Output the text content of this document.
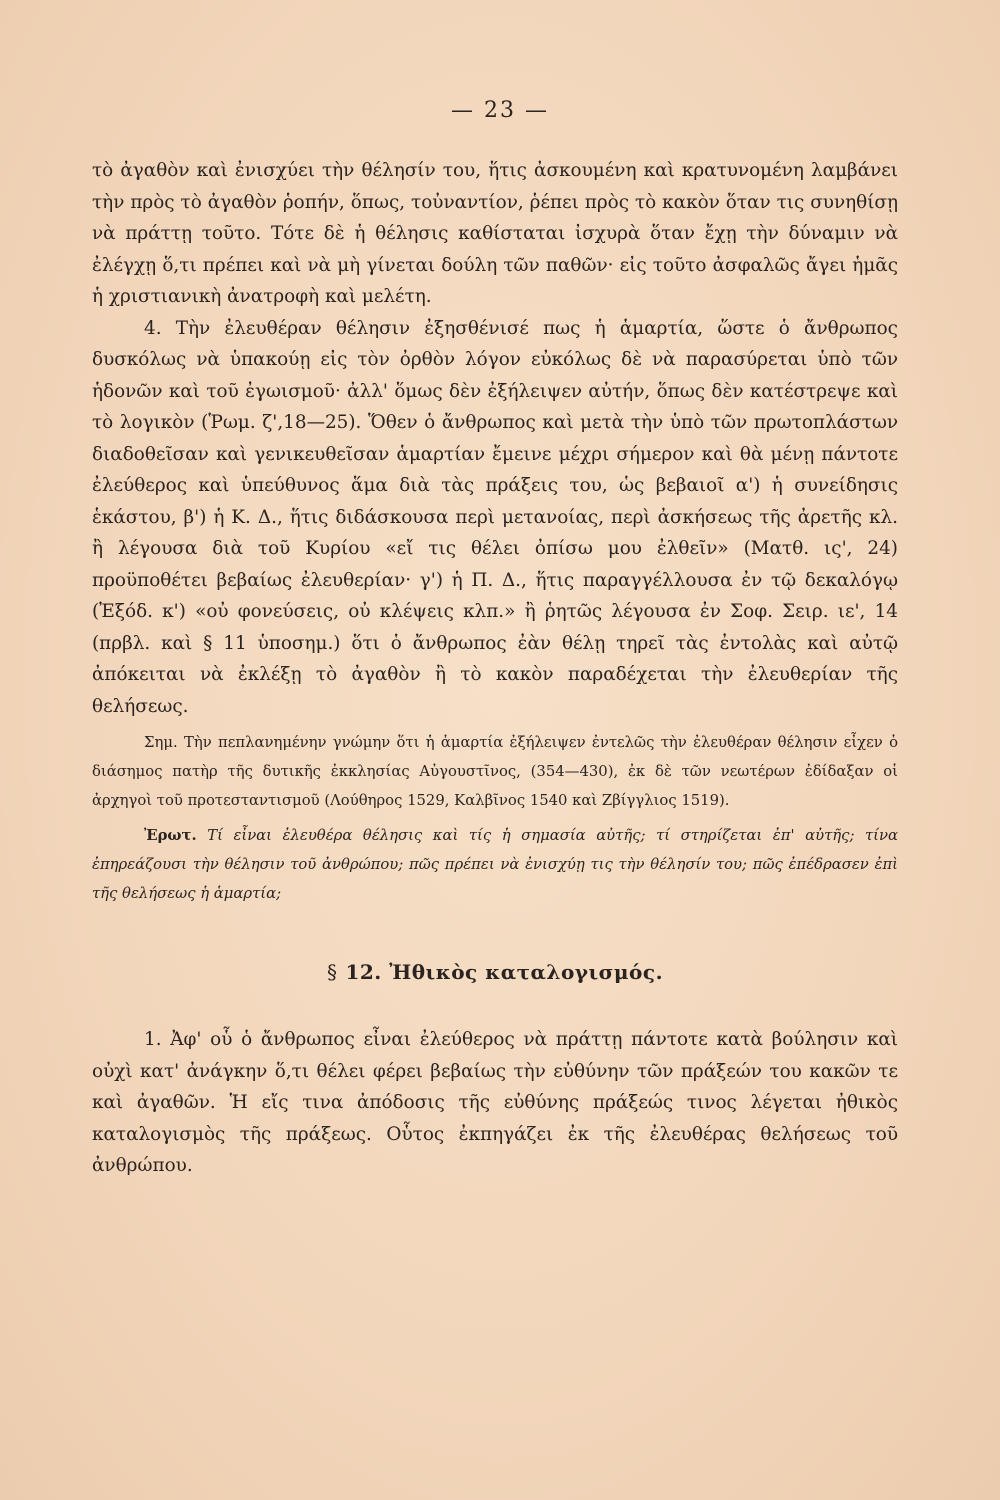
— 23 —

τὸ ἀγαθὸν καὶ ἐνισχύει τὴν θέλησίν του, ἥτις ἀσκουμένη καὶ κρατυνομένη λαμβάνει τὴν πρὸς τὸ ἀγαθὸν ῥοπήν, ὅπως, τοὐναντίον, ῥέπει πρὸς τὸ κακὸν ὅταν τις συνηθίσῃ νὰ πράττῃ τοῦτο. Τότε δὲ ἡ θέλησις καθίσταται ἰσχυρὰ ὅταν ἔχῃ τὴν δύναμιν νὰ ἐλέγχῃ ὅ,τι πρέπει καὶ νὰ μὴ γίνεται δούλη τῶν παθῶν· εἰς τοῦτο ἀσφαλῶς ἄγει ἡμᾶς ἡ χριστιανικὴ ἀνατροφὴ καὶ μελέτη.

4. Τὴν ἐλευθέραν θέλησιν ἐξησθένισέ πως ἡ ἁμαρτία, ὥστε ὁ ἄνθρωπος δυσκόλως νὰ ὑπακούῃ εἰς τὸν ὀρθὸν λόγον εὐκόλως δὲ νὰ παρασύρεται ὑπὸ τῶν ἡδονῶν καὶ τοῦ ἐγωισμοῦ· ἀλλ' ὅμως δὲν ἐξήλειψεν αὐτήν, ὅπως δὲν κατέστρεψε καὶ τὸ λογικὸν (Ῥωμ. ζ',18—25). Ὅθεν ὁ ἄνθρωπος καὶ μετὰ τὴν ὑπὸ τῶν πρωτοπλάστων διαδοθεῖσαν καὶ γενικευθεῖσαν ἁμαρτίαν ἔμεινε μέχρι σήμερον καὶ θὰ μένῃ πάντοτε ἐλεύθερος καὶ ὑπεύθυνος ἅμα διὰ τὰς πράξεις του, ὡς βεβαιοῖ α') ἡ συνείδησις ἑκάστου, β') ἡ Κ. Δ., ἥτις διδάσκουσα περὶ μετανοίας, περὶ ἀσκήσεως τῆς ἀρετῆς κλ. ἢ λέγουσα διὰ τοῦ Κυρίου «εἴ τις θέλει ὀπίσω μου ἐλθεῖν» (Ματθ. ις', 24) προϋποθέτει βεβαίως ἐλευθερίαν· γ') ἡ Π. Δ., ἥτις παραγγέλλουσα ἐν τῷ δεκαλόγῳ (Ἐξόδ. κ') «οὐ φονεύσεις, οὐ κλέψεις κλπ.» ἢ ῥητῶς λέγουσα ἐν Σοφ. Σειρ. ιε', 14 (πρβλ. καὶ § 11 ὑποσημ.) ὅτι ὁ ἄνθρωπος ἐὰν θέλῃ τηρεῖ τὰς ἐντολὰς καὶ αὐτῷ ἀπόκειται νὰ ἐκλέξῃ τὸ ἀγαθὸν ἢ τὸ κακὸν παραδέχεται τὴν ἐλευθερίαν τῆς θελήσεως.

Σημ. Τὴν πεπλανημένην γνώμην ὅτι ἡ ἁμαρτία ἐξήλειψεν ἐντελῶς τὴν ἐλευθέραν θέλησιν εἶχεν ὁ διάσημος πατὴρ τῆς δυτικῆς ἐκκλησίας Αὐγουστῖνος, (354—430), ἐκ δὲ τῶν νεωτέρων ἐδίδαξαν οἱ ἀρχηγοὶ τοῦ προτεσταντισμοῦ (Λούθηρος 1529, Καλβῖνος 1540 καὶ Ζβίγγλιος 1519).

Ἐρωτ. Τί εἶναι ἐλευθέρα θέλησις καὶ τίς ἡ σημασία αὐτῆς; τί στηρίζεται ἐπ' αὐτῆς; τίνα ἐπηρεάζουσι τὴν θέλησιν τοῦ ἀνθρώπου; πῶς πρέπει νὰ ἐνισχύῃ τις τὴν θέλησίν του; πῶς ἐπέδρασεν ἐπὶ τῆς θελήσεως ἡ ἁμαρτία;

§ 12. Ἠθικὸς καταλογισμός.

1. Ἀφ' οὗ ὁ ἄνθρωπος εἶναι ἐλεύθερος νὰ πράττῃ πάντοτε κατὰ βούλησιν καὶ οὐχὶ κατ' ἀνάγκην ὅ,τι θέλει φέρει βεβαίως τὴν εὐθύνην τῶν πράξεών του κακῶν τε καὶ ἀγαθῶν. Ἡ εἴς τινα ἀπόδοσις τῆς εὐθύνης πράξεώς τινος λέγεται ἠθικὸς καταλογισμὸς τῆς πράξεως. Οὗτος ἐκπηγάζει ἐκ τῆς ἐλευθέρας θελήσεως τοῦ ἀνθρώπου.
